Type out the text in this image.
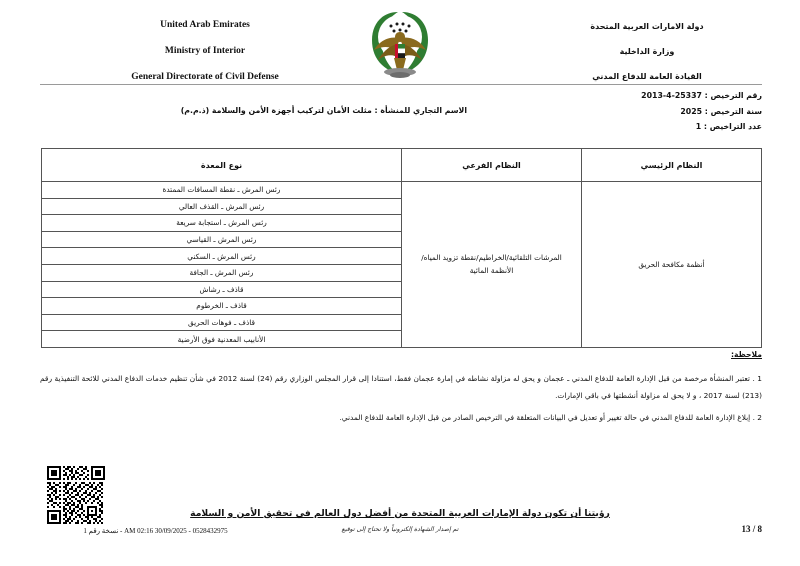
United Arab Emirates
Ministry of Interior
General Directorate of Civil Defense
دولة الامارات العربية المتحدة
وزارة الداخلية
القيادة العامة للدفاع المدني
رقم الترخيص : 25337-4-2013
سنة الترخيص : 2025
عدد التراخيص : 1
الاسم التجاري للمنشأة : مثلث الأمان لتركيب أجهزة الأمن والسلامة (ذ.م.م)
النظام الرئيسي	النظام الفرعي	نوع المعدة
أنظمة مكافحة الحريق	المرشات التلقائية/الخراطيم/نقطة تزويد المياه/الأنظمة المائية	رئس المرش ـ نقطة المسافات الممتدة
		رئس المرش ـ القذف العالي
		رئس المرش ـ استجابة سريعة
		رئس المرش ـ القياسي
		رئس المرش ـ السكني
		رئس المرش ـ الجافة
		قاذف ـ رشاش
		قاذف ـ الخرطوم
		قاذف ـ فوهات الحريق
		الأنابيب المعدنية فوق الأرضية
ملاحظة:
1 . تعتبر المنشأة مرخصة من قبل الإدارة العامة للدفاع المدني ـ عجمان و يحق له مزاولة نشاطه في إمارة عجمان فقط، استنادا إلى قرار المجلس الوزاري رقم (24) لسنة 2012 في شأن تنظيم خدمات الدفاع المدني للائحة التنفيذية رقم (213) لسنة 2017 ، و لا يحق له مزاولة أنشطتها في باقي الإمارات.
2 . إبلاغ الإدارة العامة للدفاع المدني في حالة تغيير أو تعديل في البيانات المتعلقة في الترخيص الصادر من قبل الإدارة العامة للدفاع المدني.
0528432975 - 30/09/2025 02:16 AM - نسخة رقم 1
رؤيتنا أن تكون دولة الإمارات العربية المتحدة من أفضل دول العالم في تحقيق الأمن و السلامة
تم إصدار الشهادة إلكترونياً ولا تحتاج إلى توقيع	13 / 8
